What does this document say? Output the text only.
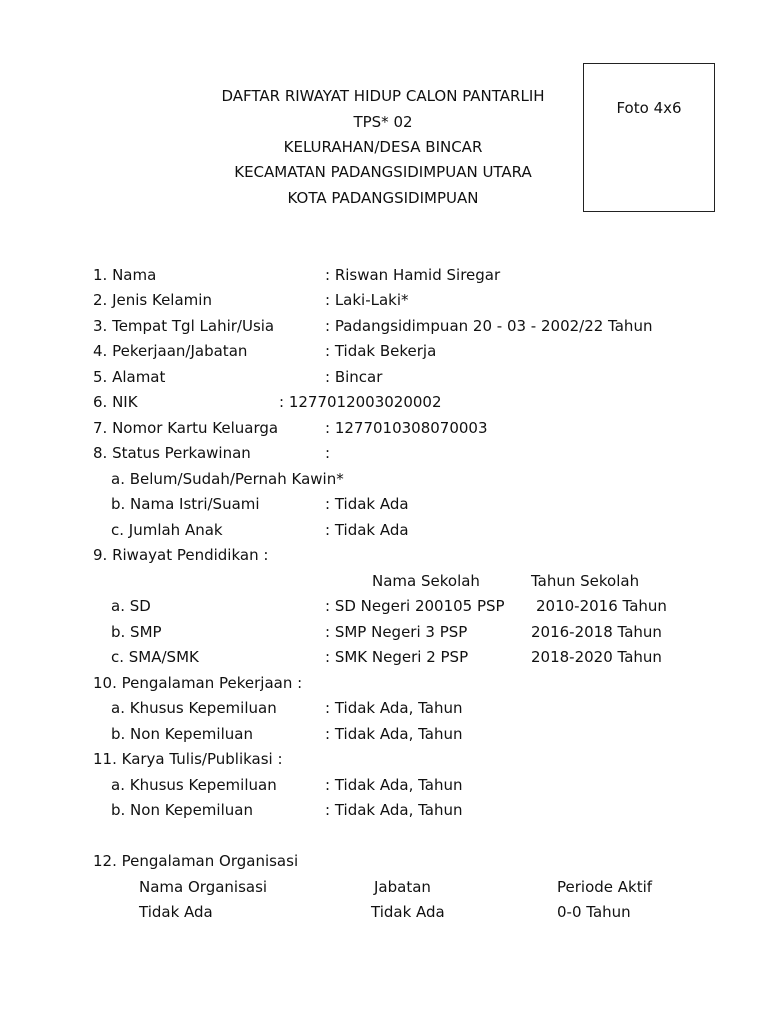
DAFTAR RIWAYAT HIDUP CALON PANTARLIH
TPS* 02
KELURAHAN/DESA BINCAR
KECAMATAN PADANGSIDIMPUAN UTARA
KOTA PADANGSIDIMPUAN
Foto 4x6
1. Nama	: Riswan Hamid Siregar
2. Jenis Kelamin	: Laki-Laki*
3. Tempat Tgl Lahir/Usia	: Padangsidimpuan 20 - 03 - 2002/22 Tahun
4. Pekerjaan/Jabatan	: Tidak Bekerja
5. Alamat	: Bincar
6. NIK	: 1277012003020002
7. Nomor Kartu Keluarga	: 1277010308070003
8. Status Perkawinan	:
a. Belum/Sudah/Pernah Kawin*
b. Nama Istri/Suami	: Tidak Ada
c. Jumlah Anak	: Tidak Ada
9. Riwayat Pendidikan :
Nama Sekolah	Tahun Sekolah
a. SD	: SD Negeri 200105 PSP 2010-2016 Tahun
b. SMP	: SMP Negeri 3 PSP	2016-2018 Tahun
c. SMA/SMK	: SMK Negeri 2 PSP	2018-2020 Tahun
10. Pengalaman Pekerjaan :
a. Khusus Kepemiluan	: Tidak Ada, Tahun
b. Non Kepemiluan	: Tidak Ada, Tahun
11. Karya Tulis/Publikasi :
a. Khusus Kepemiluan	: Tidak Ada, Tahun
b. Non Kepemiluan	: Tidak Ada, Tahun
12. Pengalaman Organisasi
Nama Organisasi	Jabatan	Periode Aktif
Tidak Ada	Tidak Ada	0-0 Tahun
